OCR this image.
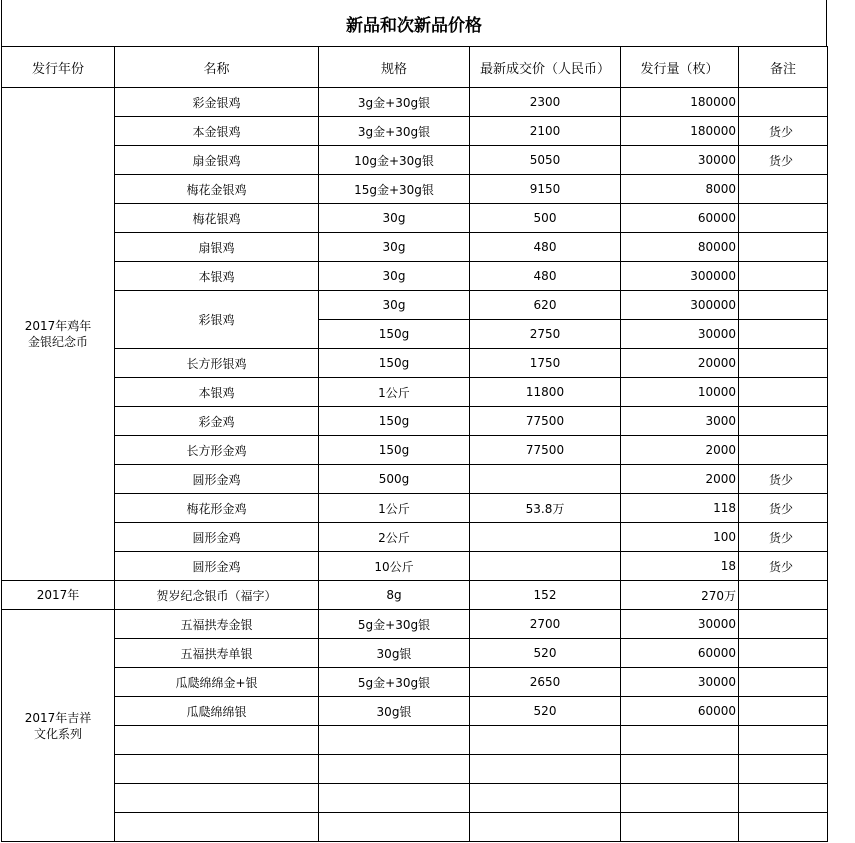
新品和次新品价格
发行年份	名称	规格	最新成交价（人民币）	发行量（枚）	备注

2017年鸡年
金银纪念币	彩金银鸡	3g金+30g银	2300	180000	
	本金银鸡	3g金+30g银	2100	180000	货少
	扇金银鸡	10g金+30g银	5050	30000	货少
	梅花金银鸡	15g金+30g银	9150	8000	
	梅花银鸡	30g	500	60000	
	扇银鸡	30g	480	80000	
	本银鸡	30g	480	300000	
	彩银鸡	30g	620	300000	
		150g	2750	30000	
	长方形银鸡	150g	1750	20000	
	本银鸡	1公斤	11800	10000	
	彩金鸡	150g	77500	3000	
	长方形金鸡	150g	77500	2000	
	圆形金鸡	500g		2000	货少
	梅花形金鸡	1公斤	53.8万	118	货少
	圆形金鸡	2公斤		100	货少
	圆形金鸡	10公斤		18	货少

2017年	贺岁纪念银币（福字）	8g	152	270万	

2017年吉祥
文化系列	五福拱寿金银	5g金+30g银	2700	30000	
	五福拱寿单银	30g银	520	60000	
	瓜瓞绵绵金+银	5g金+30g银	2650	30000	
	瓜瓞绵绵银	30g银	520	60000	
